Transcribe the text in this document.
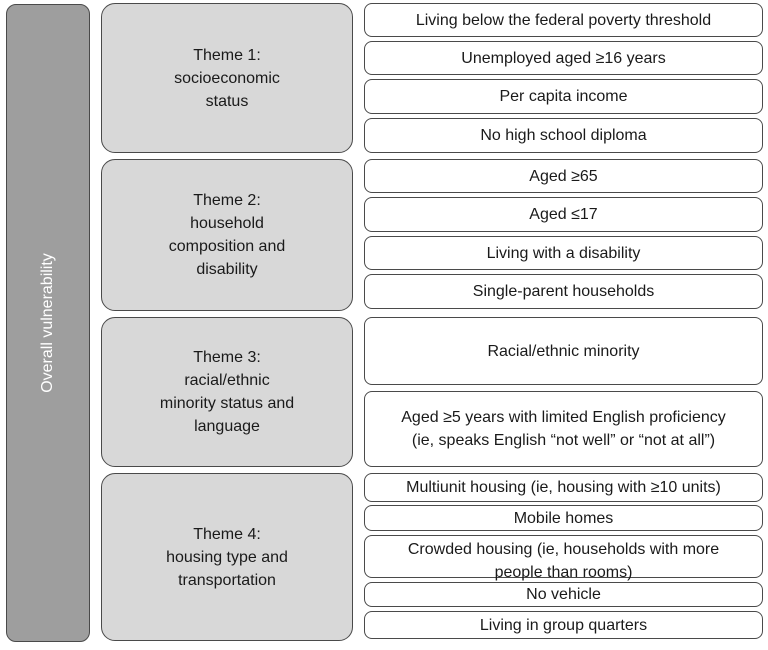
Overall vulnerability
Theme 1:
socioeconomic
status
Theme 2:
household
composition and
disability
Theme 3:
racial/ethnic
minority status and
language
Theme 4:
housing type and
transportation
Living below the federal poverty threshold
Unemployed aged ≥16 years
Per capita income
No high school diploma
Aged ≥65
Aged ≤17
Living with a disability
Single-parent households
Racial/ethnic minority
Aged ≥5 years with limited English proficiency
(ie, speaks English “not well” or “not at all”)
Multiunit housing (ie, housing with ≥10 units)
Mobile homes
Crowded housing (ie, households with more
people than rooms)
No vehicle
Living in group quarters
